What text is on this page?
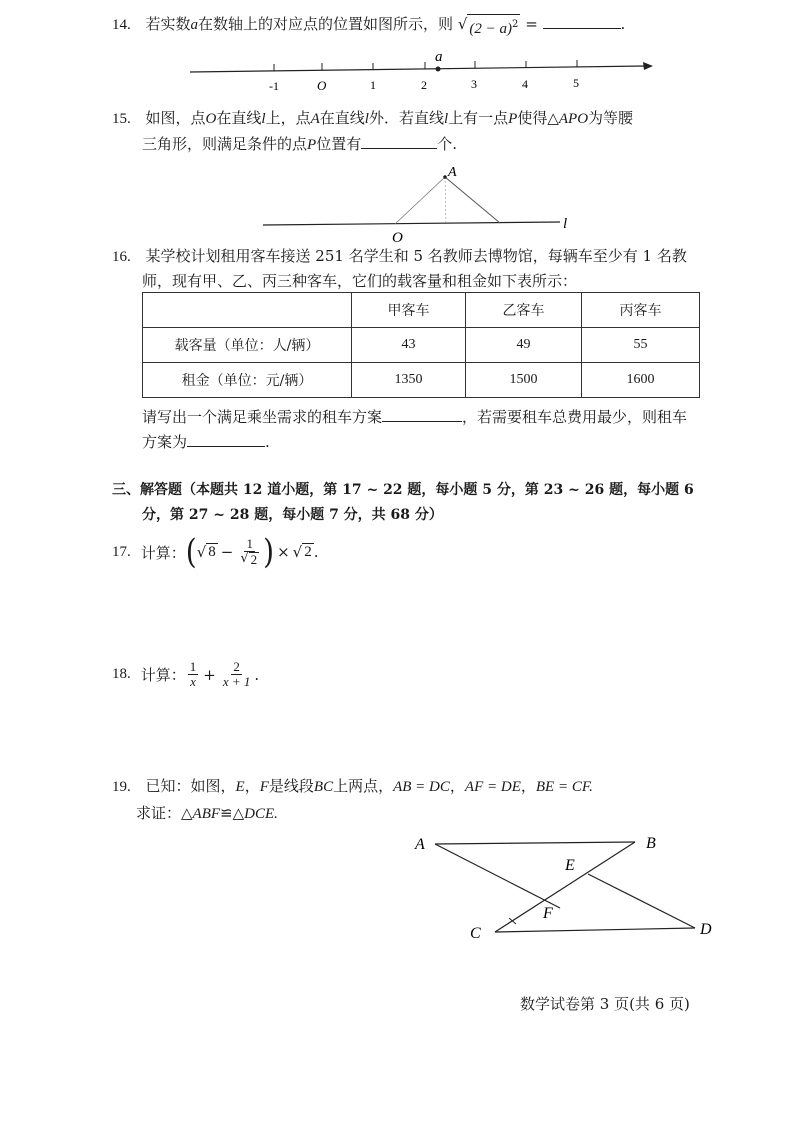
14. 若实数a在数轴上的对应点的位置如图所示，则 √ $(2 - a)^2$ =	.
a
-1	O	1	2	3	4	5
15. 如图，点O在直线l上，点A在直线l外．若直线l上有一点P使得△APO为等腰
三角形，则满足条件的点P位置有	个.
A
O
l
16. 某学校计划租用客车接送 251 名学生和 5 名教师去博物馆，每辆车至少有 1 名教
师，现有甲、乙、丙三种客车，它们的载客量和租金如下表所示：
	甲客车	乙客车	丙客车
载客量（单位：人/辆）	43	49	55
租金（单位：元/辆）	1350	1500	1600
请写出一个满足乘坐需求的租车方案	，若需要租车总费用最少，则租车
方案为	.
三、解答题（本题共 12 道小题，第 17 ~ 22 题，每小题 5 分，第 23 ~ 26 题，每小题 6
分，第 27 ~ 28 题，每小题 7 分，共 68 分）
17. 计算： ( √ $8 - \frac{1}{√ 2}$ ) × √ 2 .
18. 计算： $\frac{1}{x} + \frac{2}{x + 1}$ .
19. 已知：如图，E，F是线段BC上两点，AB = DC，AF = DE，BE = CF.
求证：△ABF≌△DCE.
A	B
C	D
E
F
数学试卷第 3 页(共 6 页)
